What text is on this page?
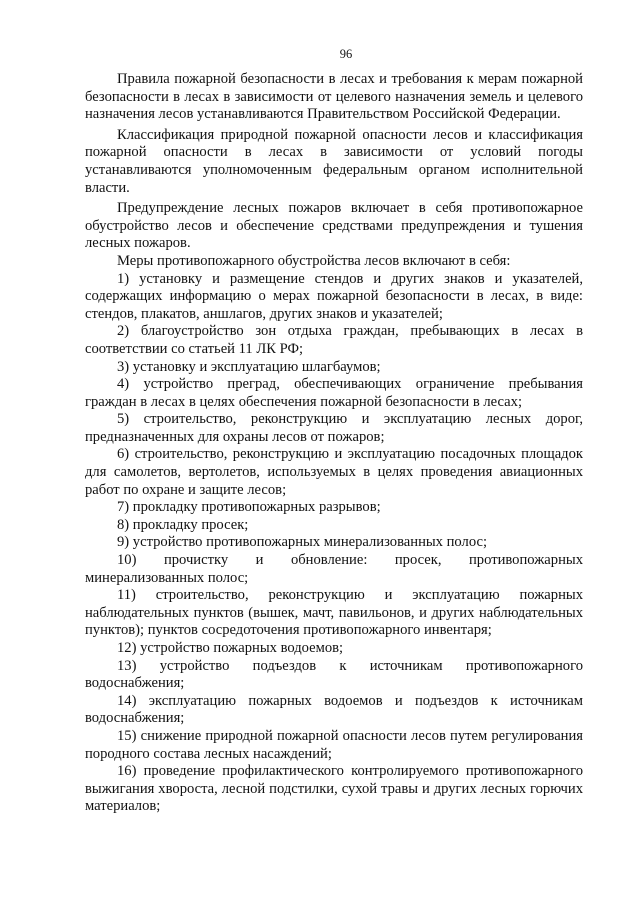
96

Правила пожарной безопасности в лесах и требования к мерам пожарной безопасности в лесах в зависимости от целевого назначения земель и целевого назначения лесов устанавливаются Правительством Российской Федерации.

Классификация природной пожарной опасности лесов и классификация пожарной опасности в лесах в зависимости от условий погоды устанавливаются уполномоченным федеральным органом исполнительной власти.

Предупреждение лесных пожаров включает в себя противопожарное обустройство лесов и обеспечение средствами предупреждения и тушения лесных пожаров.

Меры противопожарного обустройства лесов включают в себя:

1) установку и размещение стендов и других знаков и указателей, содержащих информацию о мерах пожарной безопасности в лесах, в виде: стендов, плакатов, аншлагов, других знаков и указателей;

2) благоустройство зон отдыха граждан, пребывающих в лесах в соответствии со статьей 11 ЛК РФ;

3) установку и эксплуатацию шлагбаумов;

4) устройство преград, обеспечивающих ограничение пребывания граждан в лесах в целях обеспечения пожарной безопасности в лесах;

5) строительство, реконструкцию и эксплуатацию лесных дорог, предназначенных для охраны лесов от пожаров;

6) строительство, реконструкцию и эксплуатацию посадочных площадок для самолетов, вертолетов, используемых в целях проведения авиационных работ по охране и защите лесов;

7) прокладку противопожарных разрывов;

8) прокладку просек;

9) устройство противопожарных минерализованных полос;

10) прочистку и обновление: просек, противопожарных минерализованных полос;

11) строительство, реконструкцию и эксплуатацию пожарных наблюдательных пунктов (вышек, мачт, павильонов, и других наблюдательных пунктов); пунктов сосредоточения противопожарного инвентаря;

12) устройство пожарных водоемов;

13) устройство подъездов к источникам противопожарного водоснабжения;

14) эксплуатацию пожарных водоемов и подъездов к источникам водоснабжения;

15) снижение природной пожарной опасности лесов путем регулирования породного состава лесных насаждений;

16) проведение профилактического контролируемого противопожарного выжигания хвороста, лесной подстилки, сухой травы и других лесных горючих материалов;
